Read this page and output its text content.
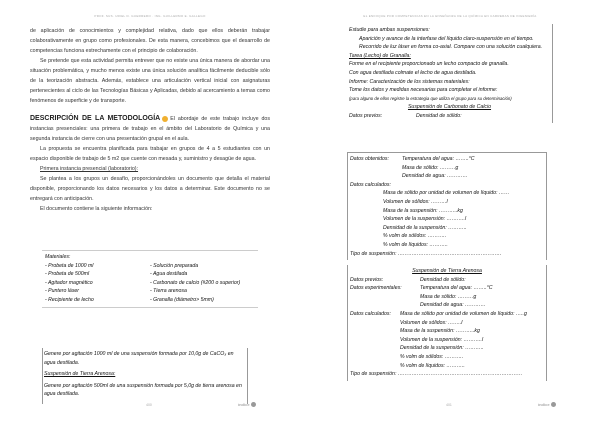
PROF. SUS. URIEL D. GUERRERO · ING. GUILLERMO E. GALLEGO

de aplicación de conocimientos y complejidad relativa, dado que ellos deberán trabajar colaborativamente en grupo como profesionales. De esta manera, concebimos que el desarrollo de competencias funciona estrechamente con el principio de colaboración.

Se pretende que esta actividad permita entrever que no existe una única manera de abordar una situación problemática, y mucho menos existe una única solución analítica fácilmente deducible sólo de la teorización abstracta. Además, establece una articulación vertical inicial con asignaturas pertenecientes al ciclo de las Tecnologías Básicas y Aplicadas, debido al acercamiento a temas como fenómenos de superficie y de transporte.

DESCRIPCIÓN DE LA METODOLOGÍA El abordaje de este trabajo incluye dos instancias presenciales: una primera de trabajo en el ámbito del Laboratorio de Química y una segunda instancia de cierre con una presentación grupal en el aula.

La propuesta se encuentra planificada para trabajar en grupos de 4 a 5 estudiantes con un espacio disponible de trabajo de 5 m2 que cuente con mesada y, suministro y desagüe de agua.

Primera instancia presencial (laboratorio):

Se plantea a los grupos un desafío, proporcionándoles un documento que detalla el material disponible, proporcionando los datos necesarios y los datos a determinar. Este documento no se entregará con anticipación.

El documento contiene la siguiente información:

Materiales:
- Probeta de 1000 ml
- Probeta de 500ml
- Agitador magnético
- Puntero láser
- Recipiente de lecho
- Solución preparada
- Agua destilada
- Carbonato de calcio (#200 o superior)
- Tierra arenosa
- Granalla (diámetro> 5mm)

Genere por agitación 1000 ml de una suspensión formada por 10,0g de CaCO₃ en agua destilada.

Suspensión de Tierra Arenosa:

Genere por agitación 500ml de una suspensión formada por 5,0g de tierra arenosa en agua destilada.

400	índice
EL ENFOQUE POR COMPETENCIAS EN LA ENSEÑANZA DE LA QUÍMICA EN CARRERAS DE INGENIERÍA

Estudie para ambas suspensiones:

Aparición y avance de la interfase del líquido claro-suspensión en el tiempo.

Recorrido de luz láser en forma co-axial. Compare con una solución cualquiera.

Tarea (Lecho) de Granalla:

Forme en el recipiente proporcionado un lecho compacto de granalla.

Con agua destilada colmate el lecho de agua destilada.

Informe: Caracterización de los sistemas materiales:

Tome los datos y medidas necesarias para completar el informe:

(para alguno de ellos registre la estrategia que utiliza el grupo para su determinación)

Suspensión de Carbonato de Calcio

Datos previos:	Densidad de sólido:
Datos obtenidos:	Temperatura del agua: ……..°C
Masa de sólido: ………g
Densidad de agua: …………

Datos calculados:

Masa de sólido por unidad de volumen de líquido: ……

Volumen de sólidos: ………l

Masa de la suspensión: ………..kg

Volumen de la suspensión: ………..l

Densidad de la suspensión: ………..

% volm de sólidos: ………..

% volm de líquidos: ………..

Tipo de suspensión: ……………………………………………………

Suspensión de Tierra Arenosa

Datos previos:	Densidad de sólido:
Datos experimentales:	Temperatura del agua: ……..°C
Masa de sólido: ………g
Densidad de agua: …………
Datos calculados:	Masa de sólido por unidad de volumen de líquido: …..g
Volumen de sólidos: ……..l
Masa de la suspensión: ………..kg
Volumen de la suspensión: ………..l
Densidad de la suspensión: ………..
% volm de sólidos: ………..
% volm de líquidos: ………..

Tipo de suspensión: ………………………………………………………………

401	índice
